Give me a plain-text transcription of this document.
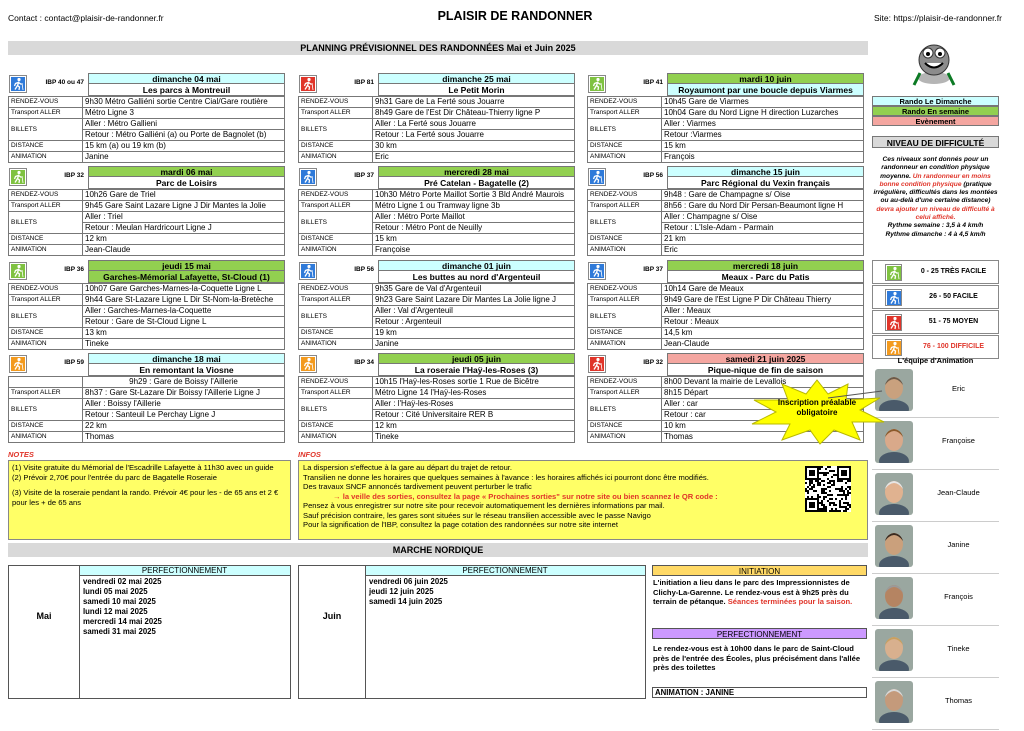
Contact : contact@plaisir-de-randonner.fr	PLAISIR DE RANDONNER	Site: https://plaisir-de-randonner.fr
PLANNING PRÉVISIONNEL DES RANDONNÉES Mai et Juin 2025
Rando Le Dimanche
Rando En semaine
Evènement
NIVEAU DE DIFFICULTÉ
Ces niveaux sont donnés pour un randonneur en condition physique moyenne. Un randonneur en moins bonne condition physique (pratique irrégulière, difficultés dans les montées ou au-delà d'une certaine distance) devra ajouter un niveau de difficulté à celui affiché.
Rythme semaine : 3,5 à 4 km/h
Rythme dimanche : 4 à 4,5 km/h
0 - 25 TRÈS FACILE
26 - 50 FACILE
51 - 75 MOYEN
76 - 100 DIFFICILE
L'équipe d'Animation
Eric
Françoise
Jean-Claude
Janine
François
Tineke
Thomas
IBP 40 ou 47	dimanche 04 mai
Les parcs à Montreuil
RENDEZ-VOUS	9h30 Métro Galliéni sortie Centre Cial/Gare routière
Transport ALLER	Métro Ligne 3
BILLETS	Aller : Métro Gallieni
	Retour : Métro Galliéni (a) ou Porte de Bagnolet (b)
DISTANCE	15 km (a) ou 19 km (b)
ANIMATION	Janine
IBP 81	dimanche 25 mai
Le Petit Morin
RENDEZ-VOUS	9h31 Gare de La Ferté sous Jouarre
Transport ALLER	8h49 Gare de l'Est Dir Château-Thierry ligne P
BILLETS	Aller : La Ferté sous Jouarre
	Retour : La Ferté sous Jouarre
DISTANCE	30 km
ANIMATION	Eric
IBP 41	mardi 10 juin
Royaumont par une boucle depuis Viarmes
RENDEZ-VOUS	10h45 Gare de Viarmes
Transport ALLER	10h04 Gare du Nord Ligne H direction Luzarches
BILLETS	Aller : Viarmes
	Retour :Viarmes
DISTANCE	15 km
ANIMATION	François
IBP 32	mardi 06 mai
Parc de Loisirs
RENDEZ-VOUS	10h26 Gare de Triel
Transport ALLER	9h45 Gare Saint Lazare Ligne J Dir Mantes la Jolie
BILLETS	Aller : Triel
	Retour : Meulan Hardricourt Ligne J
DISTANCE	12 km
ANIMATION	Jean-Claude
IBP 37	mercredi 28 mai
Pré Catelan - Bagatelle (2)
RENDEZ-VOUS	10h30 Métro Porte Maillot Sortie 3 Bld André Maurois
Transport ALLER	Métro Ligne 1 ou Tramway ligne 3b
BILLETS	Aller : Métro Porte Maillot
	Retour : Métro Pont de Neuilly
DISTANCE	15 km
ANIMATION	Françoise
IBP 56	dimanche 15 juin
Parc Régional du Vexin français
RENDEZ-VOUS	9h48 : Gare de Champagne s/ Oise
Transport ALLER	8h56 : Gare du Nord Dir Persan-Beaumont ligne H
BILLETS	Aller : Champagne s/ Oise
	Retour : L'Isle-Adam - Parmain
DISTANCE	21 km
ANIMATION	Eric
IBP 36	jeudi 15 mai
Garches-Mémorial Lafayette, St-Cloud (1)
RENDEZ-VOUS	10h07 Gare Garches-Marnes-la-Coquette Ligne L
Transport ALLER	9h44 Gare St-Lazare Ligne L Dir St-Nom-la-Bretèche
BILLETS	Aller : Garches-Marnes-la-Coquette
	Retour : Gare de St-Cloud Ligne L
DISTANCE	13 km
ANIMATION	Tineke
IBP 56	dimanche 01 juin
Les buttes au nord d'Argenteuil
RENDEZ-VOUS	9h35 Gare de Val d'Argenteuil
Transport ALLER	9h23 Gare Saint Lazare Dir Mantes La Jolie ligne J
BILLETS	Aller : Val d'Argenteuil
	Retour : Argenteuil
DISTANCE	19 km
ANIMATION	Janine
IBP 37	mercredi 18 juin
Meaux - Parc du Patis
RENDEZ-VOUS	10h14 Gare de Meaux
Transport ALLER	9h49 Gare de l'Est Ligne P Dir Château Thierry
BILLETS	Aller : Meaux
	Retour : Meaux
DISTANCE	14,5 km
ANIMATION	Jean-Claude
IBP 59	dimanche 18 mai
En remontant la Viosne
	9h29 : Gare de Boissy l'Aillerie
Transport ALLER	8h37 : Gare St-Lazare Dir Boissy l'Aillerie Ligne J
BILLETS	Aller : Boissy l'Aillerie
	Retour : Santeuil Le Perchay Ligne J
DISTANCE	22 km
ANIMATION	Thomas
IBP 34	jeudi 05 juin
La roseraie l'Haÿ-les-Roses (3)
RENDEZ-VOUS	10h15 l'Haÿ-les-Roses sortie 1 Rue de Bicêtre
Transport ALLER	Métro Ligne 14 l'Haÿ-les-Roses
BILLETS	Aller : l'Haÿ-les-Roses
	Retour : Cité Universitaire RER B
DISTANCE	12 km
ANIMATION	Tineke
IBP 32	samedi 21 juin 2025
Pique-nique de fin de saison
RENDEZ-VOUS	8h00 Devant la mairie de Levallois
Transport ALLER	8h15 Départ
BILLETS	Aller : car
	Retour : car
DISTANCE	10 km
ANIMATION	Thomas
Inscription préalable
obligatoire
NOTES
(1) Visite gratuite du Mémorial de l'Escadrille Lafayette à 11h30 avec un guide
(2) Prévoir 2,70€ pour l'entrée du parc de Bagatelle Roseraie
(3) Visite de la roseraie pendant la rando. Prévoir 4€ pour les - de 65 ans et 2 € pour les + de 65 ans
INFOS
La dispersion s'effectue à la gare au départ du trajet de retour.
Transilien ne donne les horaires que quelques semaines à l'avance : les horaires affichés ici pourront donc être modifiés.
Des travaux SNCF annoncés tardivement peuvent perturber le trafic
→ la veille des sorties, consultez la page « Prochaines sorties" sur notre site ou bien scannez le QR code :
Pensez à vous enregistrer sur notre site pour recevoir automatiquement les dernières informations par mail.
Sauf précision contraire, les gares sont situées sur le réseau transilien accessible avec le passe Navigo
Pour la signification de l'IBP, consultez la page cotation des randonnées sur notre site internet
MARCHE NORDIQUE
PERFECTIONNEMENT
Mai
vendredi 02 mai 2025
lundi 05 mai 2025
samedi 10 mai 2025
lundi 12 mai 2025
mercredi 14 mai 2025
samedi 31 mai 2025
PERFECTIONNEMENT
Juin
vendredi 06 juin 2025
jeudi 12 juin 2025
samedi 14 juin 2025
INITIATION
L'initiation a lieu dans le parc des Impressionnistes de Clichy-La-Garenne. Le rendez-vous est à 9h25 près du terrain de pétanque. Séances terminées pour la saison.
PERFECTIONNEMENT
Le rendez-vous est à 10h00 dans le parc de Saint-Cloud près de l'entrée des Écoles, plus précisément dans l'allée près des toilettes
ANIMATION : JANINE
